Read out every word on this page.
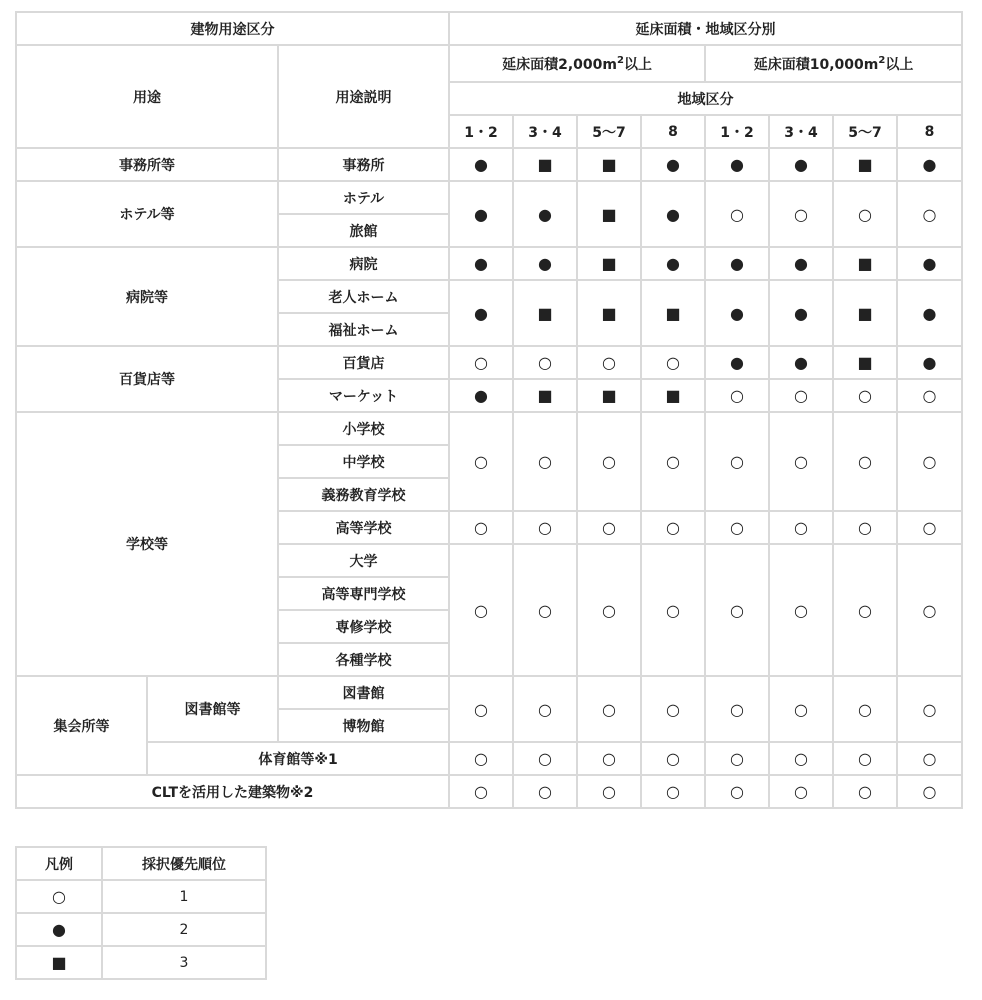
建物用途区分			延床面積・地域区分別							
用途		用途説明	延床面積$2,000m^2$以上				延床面積$10,000m^2$以上			
			地域区分							
			1・2	3・4	5〜7	8	1・2	3・4	5〜7	8
事務所等		事務所	●	■	■	●	●	●	■	●
ホテル等		ホテル	●	●	■	●	○	○	○	○
		旅館								
病院等		病院	●	●	■	●	●	●	■	●
		老人ホーム	●	■	■	■	●	●	■	●
		福祉ホーム								
百貨店等		百貨店	○	○	○	○	●	●	■	●
		マーケット	●	■	■	■	○	○	○	○
学校等		小学校	○	○	○	○	○	○	○	○
		中学校								
		義務教育学校								
		高等学校	○	○	○	○	○	○	○	○
		大学	○	○	○	○	○	○	○	○
		高等専門学校								
		専修学校								
		各種学校								
集会所等	図書館等	図書館	○	○	○	○	○	○	○	○
		博物館								
	体育館等※1		○	○	○	○	○	○	○	○
CLTを活用した建築物※2			○	○	○	○	○	○	○	○
凡例	採択優先順位
○	1
●	2
■	3
